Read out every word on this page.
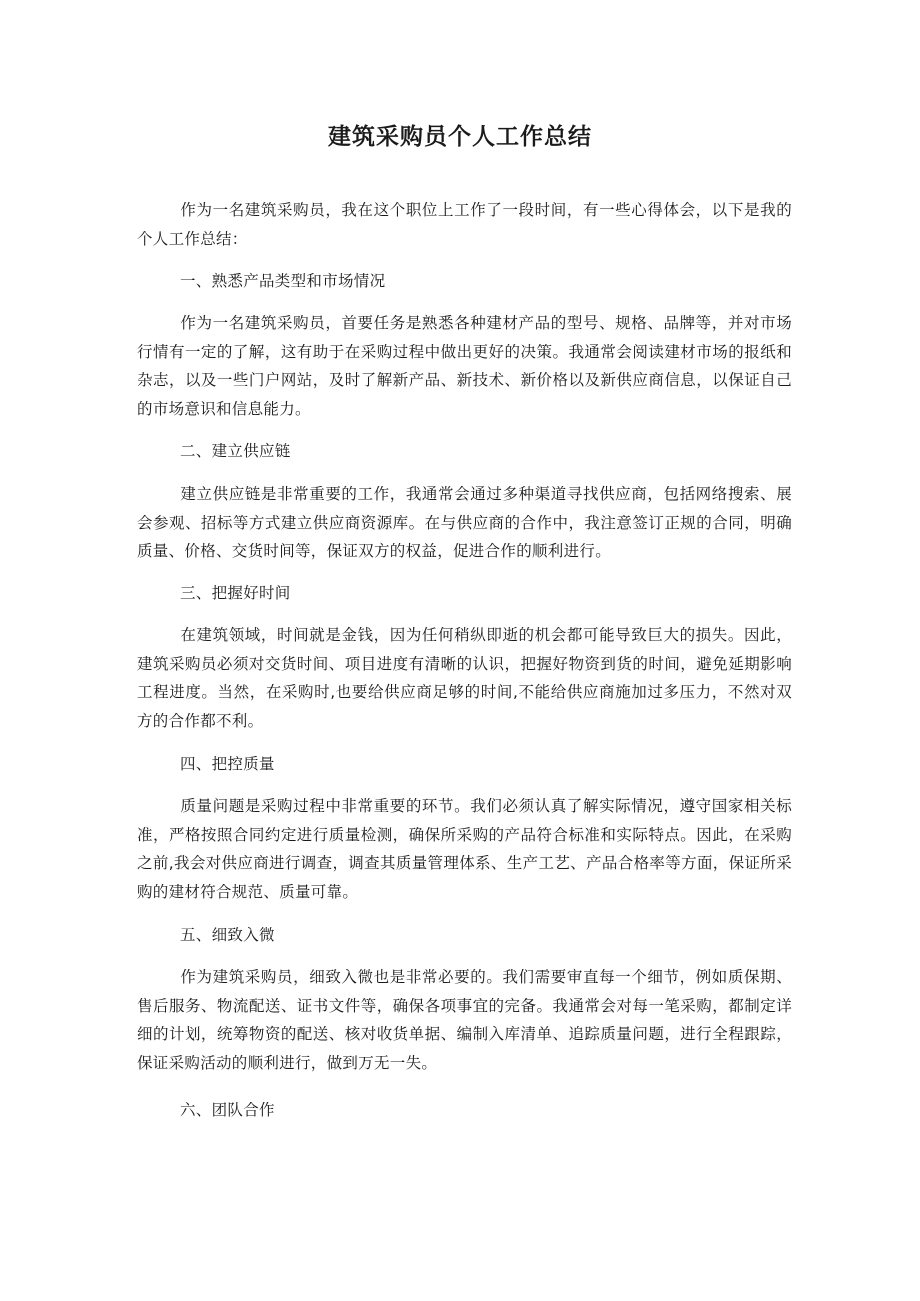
建筑采购员个人工作总结

作为一名建筑采购员，我在这个职位上工作了一段时间，有一些心得体会，以下是我的个人工作总结：

一、熟悉产品类型和市场情况

作为一名建筑采购员，首要任务是熟悉各种建材产品的型号、规格、品牌等，并对市场行情有一定的了解，这有助于在采购过程中做出更好的决策。我通常会阅读建材市场的报纸和杂志，以及一些门户网站，及时了解新产品、新技术、新价格以及新供应商信息，以保证自己的市场意识和信息能力。

二、建立供应链

建立供应链是非常重要的工作，我通常会通过多种渠道寻找供应商，包括网络搜索、展会参观、招标等方式建立供应商资源库。在与供应商的合作中，我注意签订正规的合同，明确质量、价格、交货时间等，保证双方的权益，促进合作的顺利进行。

三、把握好时间

在建筑领域，时间就是金钱，因为任何稍纵即逝的机会都可能导致巨大的损失。因此，建筑采购员必须对交货时间、项目进度有清晰的认识，把握好物资到货的时间，避免延期影响工程进度。当然，在采购时,也要给供应商足够的时间,不能给供应商施加过多压力，不然对双方的合作都不利。

四、把控质量

质量问题是采购过程中非常重要的环节。我们必须认真了解实际情况，遵守国家相关标准，严格按照合同约定进行质量检测，确保所采购的产品符合标准和实际特点。因此，在采购之前,我会对供应商进行调查，调查其质量管理体系、生产工艺、产品合格率等方面，保证所采购的建材符合规范、质量可靠。

五、细致入微

作为建筑采购员，细致入微也是非常必要的。我们需要审直每一个细节，例如质保期、售后服务、物流配送、证书文件等，确保各项事宜的完备。我通常会对每一笔采购，都制定详细的计划，统筹物资的配送、核对收货单据、编制入库清单、追踪质量问题，进行全程跟踪，保证采购活动的顺利进行，做到万无一失。

六、团队合作
